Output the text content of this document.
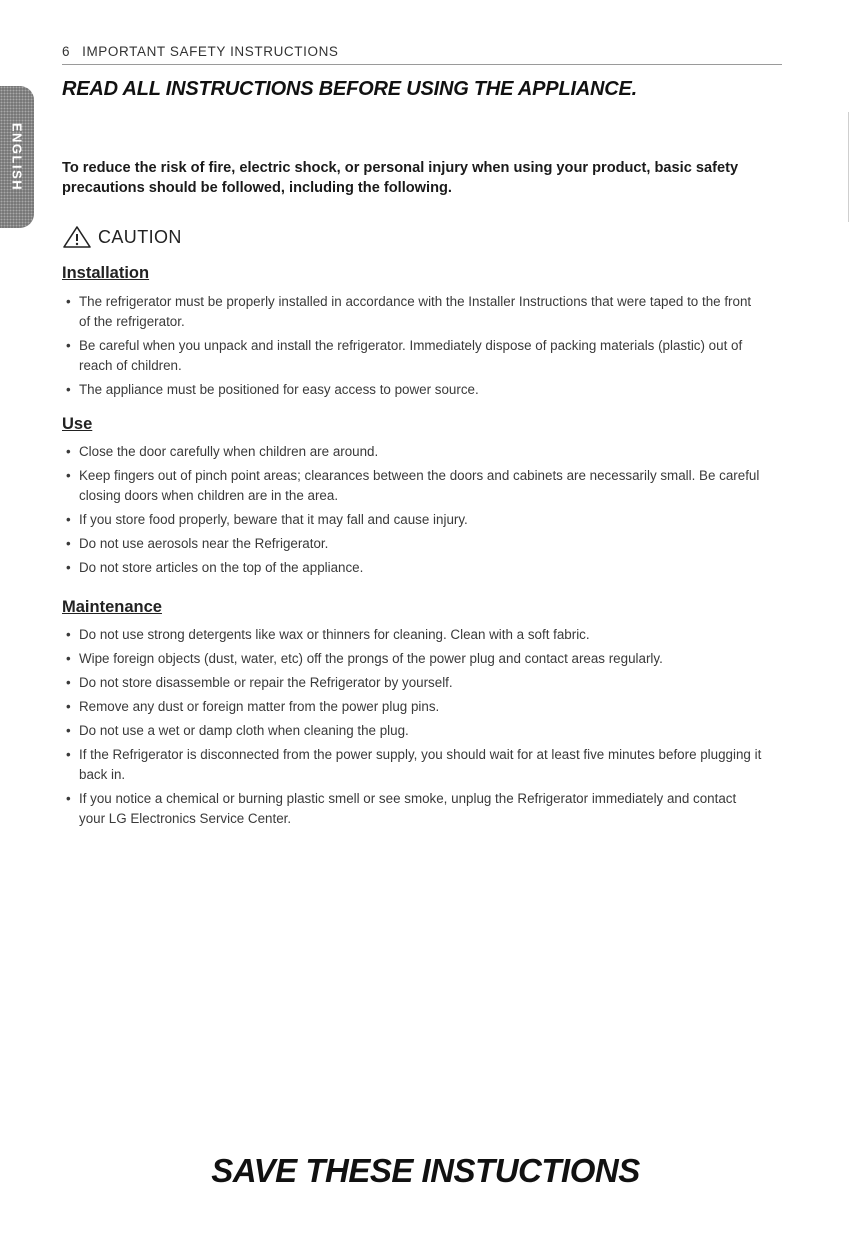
6 IMPORTANT SAFETY INSTRUCTIONS
ENGLISH
READ ALL INSTRUCTIONS BEFORE USING THE APPLIANCE.

To reduce the risk of fire, electric shock, or personal injury when using your product, basic safety precautions should be followed, including the following.

CAUTION
Installation
• The refrigerator must be properly installed in accordance with the Installer Instructions that were taped to the front of the refrigerator.
• Be careful when you unpack and install the refrigerator. Immediately dispose of packing materials (plastic) out of reach of children.
• The appliance must be positioned for easy access to power source.
Use
• Close the door carefully when children are around.
• Keep fingers out of pinch point areas; clearances between the doors and cabinets are necessarily small. Be careful closing doors when children are in the area.
• If you store food properly, beware that it may fall and cause injury.
• Do not use aerosols near the Refrigerator.
• Do not store articles on the top of the appliance.
Maintenance
• Do not use strong detergents like wax or thinners for cleaning. Clean with a soft fabric.
• Wipe foreign objects (dust, water, etc) off the prongs of the power plug and contact areas regularly.
• Do not store disassemble or repair the Refrigerator by yourself.
• Remove any dust or foreign matter from the power plug pins.
• Do not use a wet or damp cloth when cleaning the plug.
• If the Refrigerator is disconnected from the power supply, you should wait for at least five minutes before plugging it back in.
• If you notice a chemical or burning plastic smell or see smoke, unplug the Refrigerator immediately and contact your LG Electronics Service Center.

SAVE THESE INSTUCTIONS
